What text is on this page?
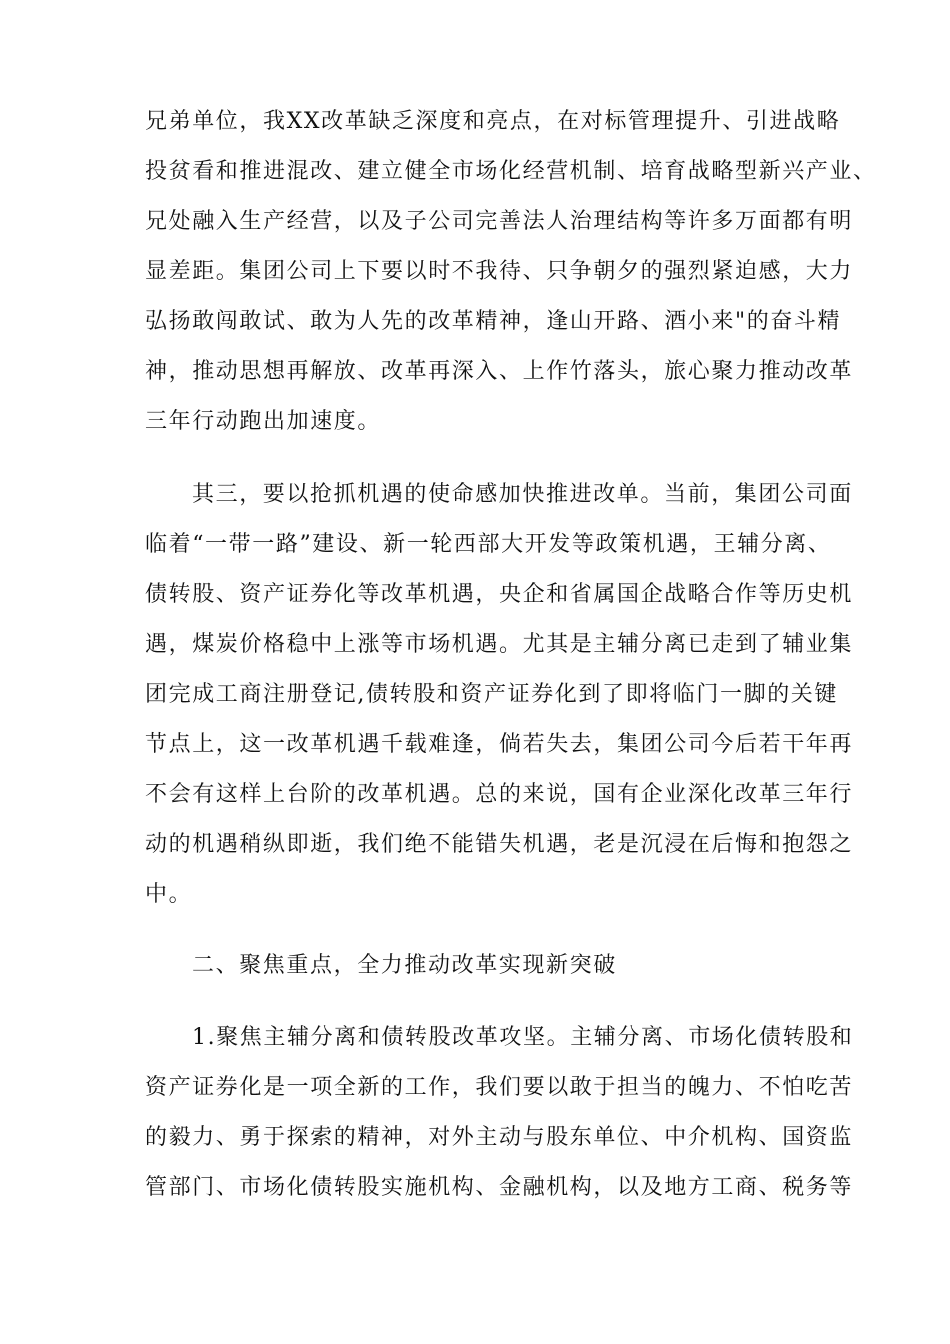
兄弟单位，我XX改革缺乏深度和亮点，在对标管理提升、引进战略
投贫看和推进混改、建立健全市场化经营机制、培育战略型新兴产业、
兄处融入生产经营，以及子公司完善法人治理结构等许多万面都有明
显差距。集团公司上下要以时不我待、只争朝夕的强烈紧迫感，大力
弘扬敢闯敢试、敢为人先的改革精神，逢山开路、酒小来"的奋斗精
神，推动思想再解放、改革再深入、上作竹落头，旅心聚力推动改革
三年行动跑出加速度。
其三，要以抢抓机遇的使命感加快推进改单。当前，集团公司面
临着“一带一路”建设、新一轮西部大开发等政策机遇，王辅分离、
债转股、资产证券化等改革机遇，央企和省属国企战略合作等历史机
遇，煤炭价格稳中上涨等市场机遇。尤其是主辅分离已走到了辅业集
团完成工商注册登记,债转股和资产证券化到了即将临门一脚的关键
节点上，这一改革机遇千载难逢，倘若失去，集团公司今后若干年再
不会有这样上台阶的改革机遇。总的来说，国有企业深化改革三年行
动的机遇稍纵即逝，我们绝不能错失机遇，老是沉浸在后悔和抱怨之
中。
二、聚焦重点，全力推动改革实现新突破
1.聚焦主辅分离和债转股改革攻坚。主辅分离、市场化债转股和
资产证券化是一项全新的工作，我们要以敢于担当的魄力、不怕吃苦
的毅力、勇于探索的精神，对外主动与股东单位、中介机构、国资监
管部门、市场化债转股实施机构、金融机构，以及地方工商、税务等
